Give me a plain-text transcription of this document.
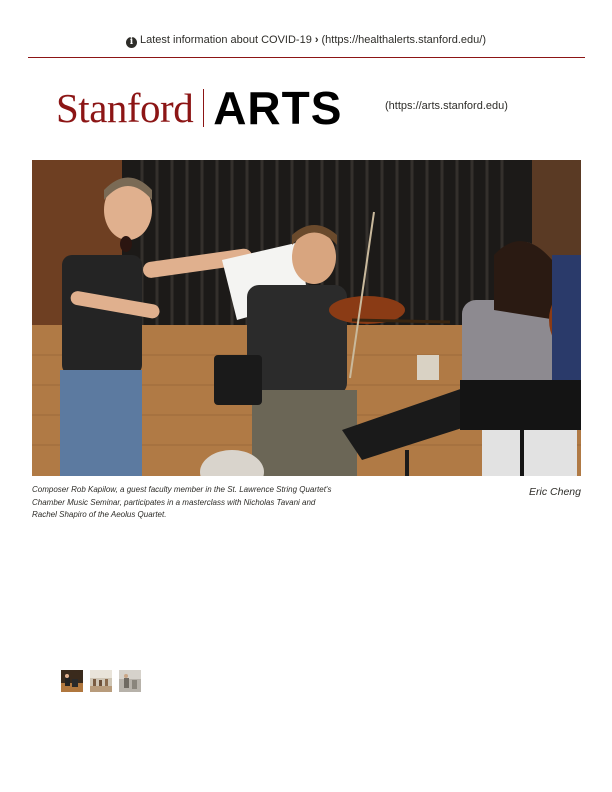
i Latest information about COVID-19 › (https://healthalerts.stanford.edu/)
Stanford ARTS	(https://arts.stanford.edu)
Composer Rob Kapilow, a guest faculty member in the St. Lawrence String Quartet's Chamber Music Seminar, participates in a masterclass with Nicholas Tavani and Rachel Shapiro of the Aeolus Quartet.
Eric Cheng
